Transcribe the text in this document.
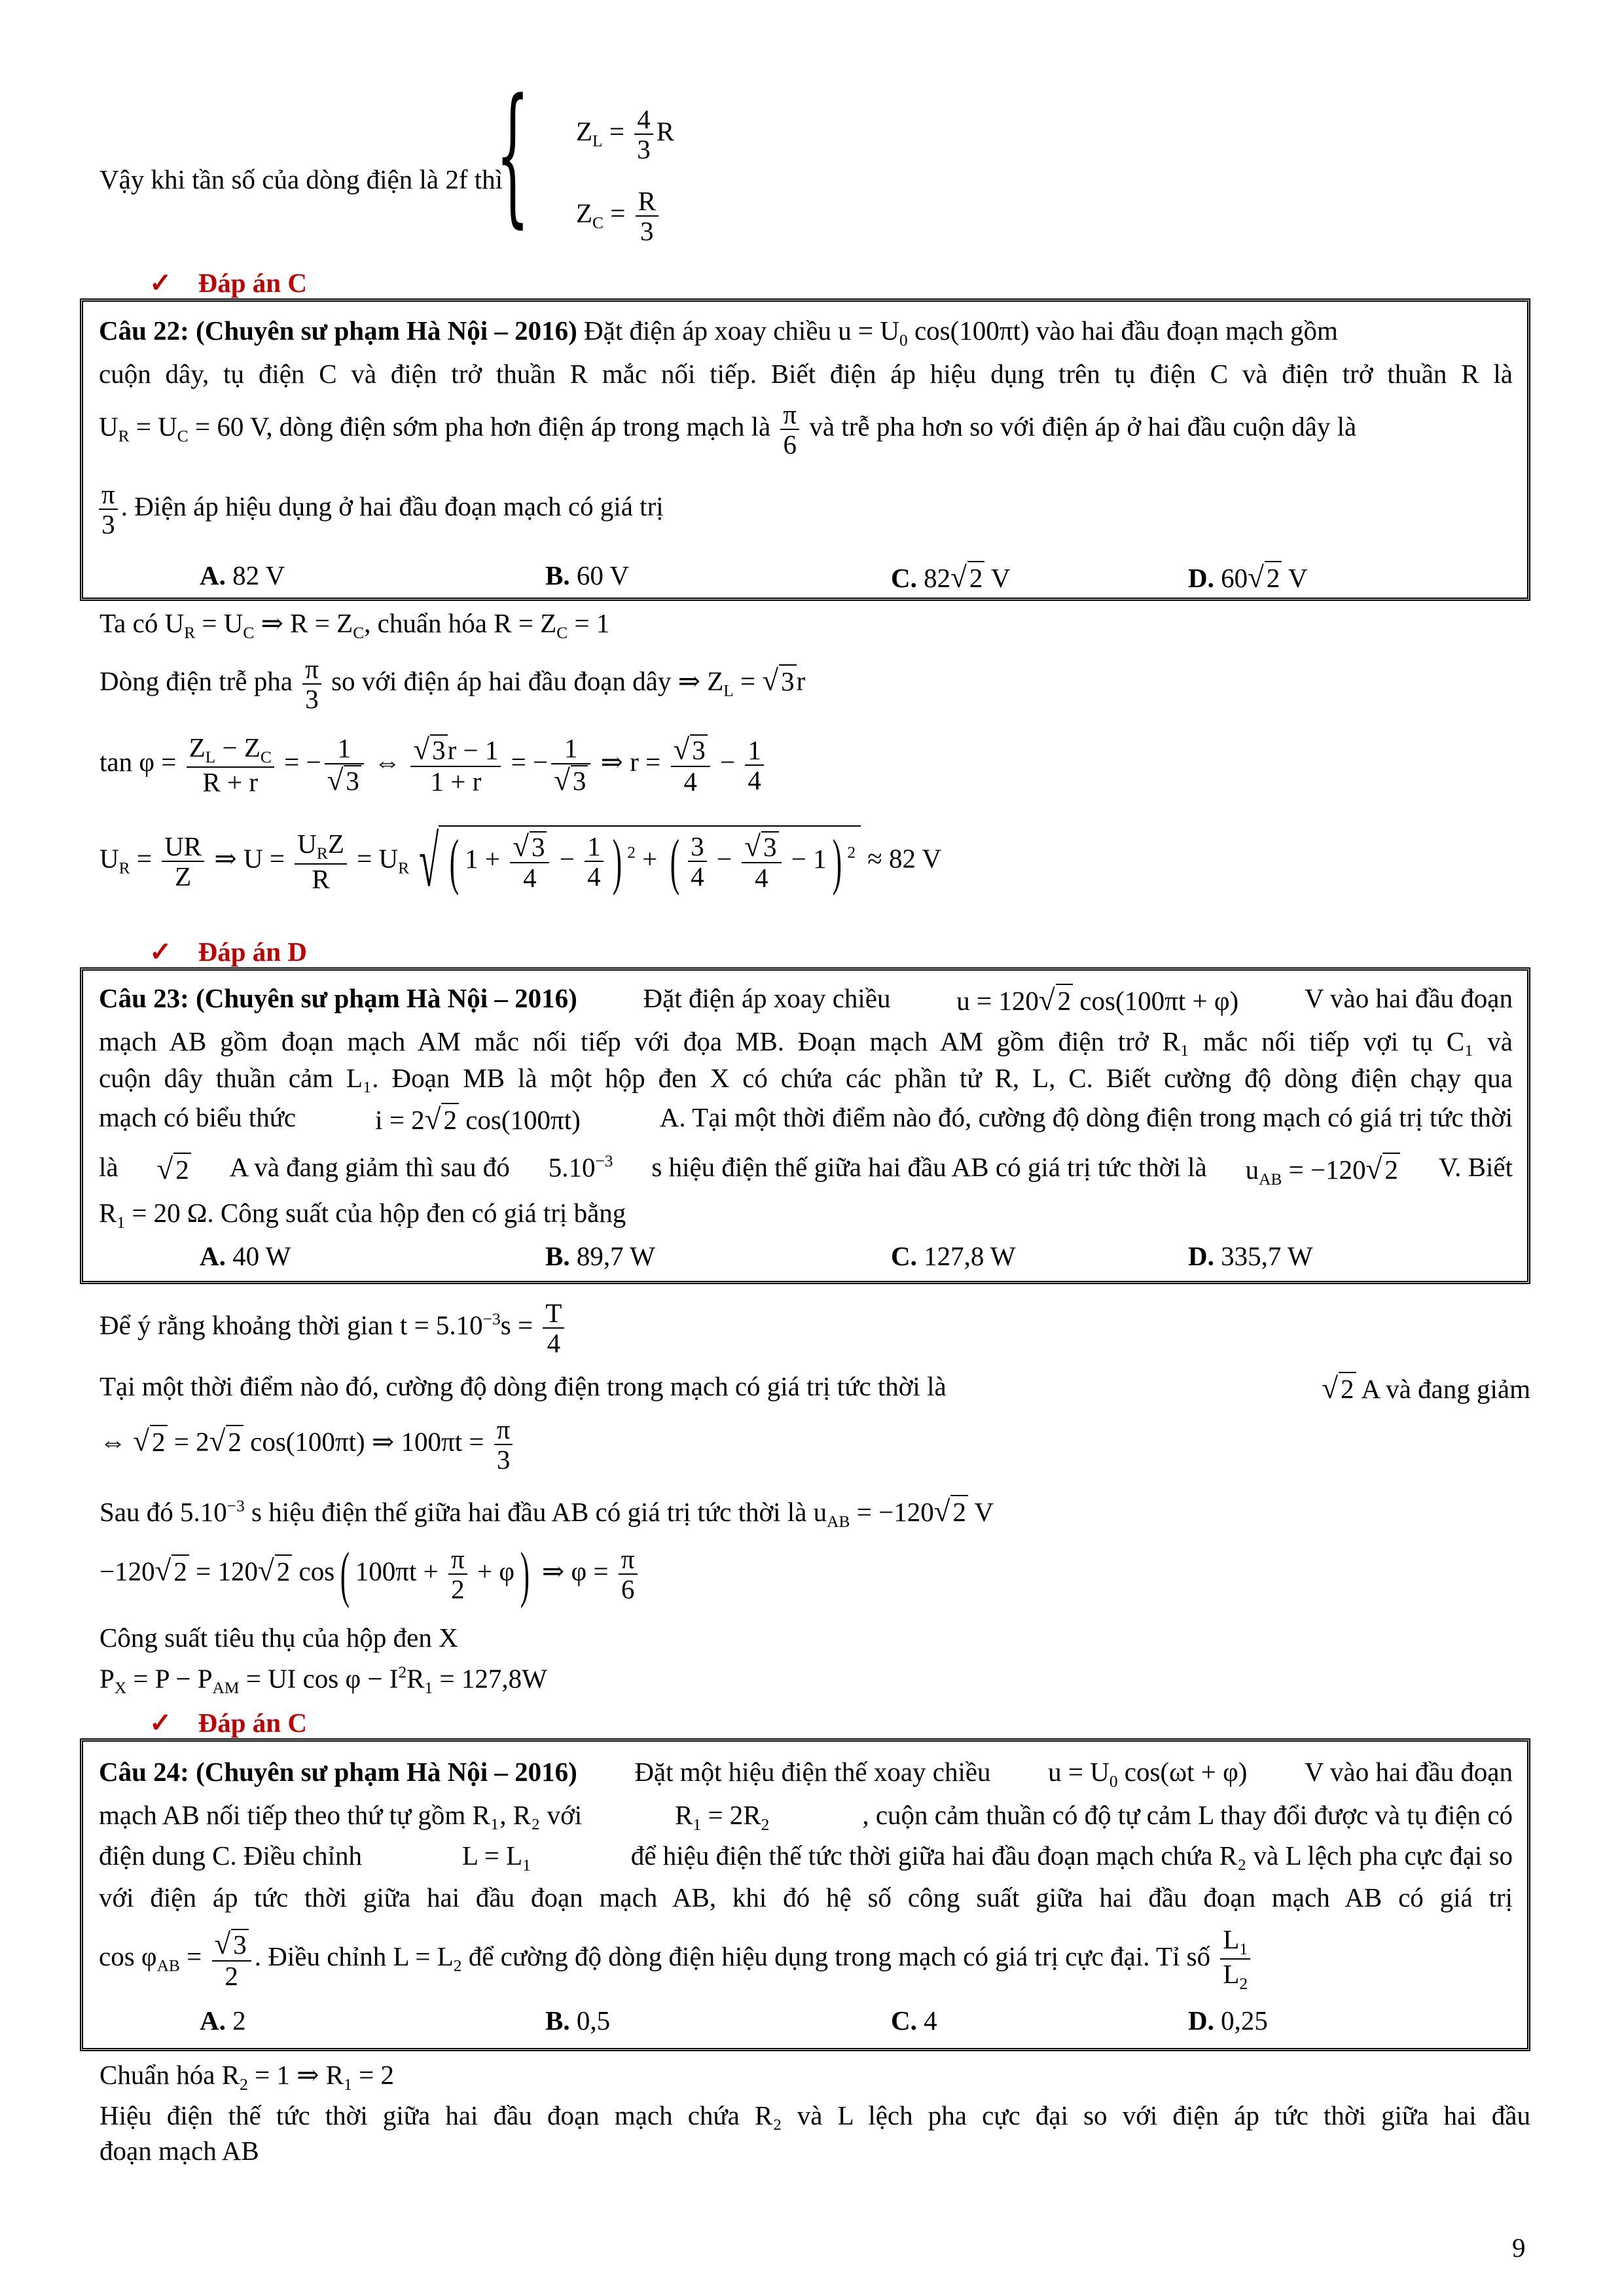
Vậy khi tần số của dòng điện là 2f thì
{ $Z_L = \frac{4}{3}$ R
$Z_C = \frac{R}{3}$
✓ Đáp án C
Câu 22: (Chuyên sư phạm Hà Nội – 2016) Đặt điện áp xoay chiều $u = U_0$ cos(100πt) vào hai đầu đoạn mạch gồm
cuộn dây, tụ điện C và điện trở thuần R mắc nối tiếp. Biết điện áp hiệu dụng trên tụ điện C và điện trở thuần R là
$U_R = U_C = 60$ V, dòng điện sớm pha hơn điện áp trong mạch là $\frac{\pi}{6}$ và trễ pha hơn so với điện áp ở hai đầu cuộn dây là
$\frac{\pi}{3}$ . Điện áp hiệu dụng ở hai đầu đoạn mạch có giá trị
A. 82 V	B. 60 V	C. 82√2 V	D. 60√2 V
Ta có $U_R = U_C$ ⇒ $R = Z_C$, chuẩn hóa $R = Z_C = 1$
Dòng điện trễ pha $\frac{\pi}{3}$ so với điện áp hai đầu đoạn dây ⇒ $Z_L = √3r$
$\tan \varphi = \frac{Z_L - Z_C}{R + r}$ = − $\frac{1}{√3}$ ⇔ $\frac{√3r - 1}{1 + r}$ = − $\frac{1}{√3}$ ⇒ $r = \frac{√3}{4} - \frac{1}{4}$
$U_R = \frac{UR}{Z}$ ⇒ $U = \frac{U_RZ}{R} = U_R$ √ ( $1 + \frac{√3}{4} - \frac{1}{4}$ ) $^2$ + ( $\frac{3}{4} - \frac{√3}{4} - 1$) $^2$ ≈ 82 V
✓ Đáp án D
Câu 23: (Chuyên sư phạm Hà Nội – 2016) Đặt điện áp xoay chiều u = 120√2 cos(100πt + φ) V vào hai đầu đoạn
mạch AB gồm đoạn mạch AM mắc nối tiếp với đọa MB. Đoạn mạch AM gồm điện trở R₁ mắc nối tiếp vợi tụ C₁ và
cuộn dây thuần cảm L₁. Đoạn MB là một hộp đen X có chứa các phần tử R, L, C. Biết cường độ dòng điện chạy qua
mạch có biểu thức	i = 2√2 cos(100πt)	A. Tại một thời điểm nào đó, cường độ dòng điện trong mạch có giá trị tức thời
là √2 A và đang giảm thì sau đó $5.10^{-3}$ s hiệu điện thế giữa hai đầu AB có giá trị tức thời là $u_{AB} = -120√2$ V. Biết
$R_1 = 20$ Ω. Công suất của hộp đen có giá trị bằng
A. 40 W	B. 89,7 W	C. 127,8 W	D. 335,7 W
Để ý rằng khoảng thời gian $t = 5.10^{-3}s = \frac{T}{4}$
Tại một thời điểm nào đó, cường độ dòng điện trong mạch có giá trị tức thời là	√2 A và đang giảm
⇔ √2 = 2√2 cos(100πt) ⇒ $100\pi t = \frac{\pi}{3}$
Sau đó $5.10^{-3}$ s hiệu điện thế giữa hai đầu AB có giá trị tức thời là $u_{AB} = -120√2$ V
−120√2 = 120√2 cos( $100\pi t + \frac{\pi}{2} + \varphi$) ⇒ $\varphi = \frac{\pi}{6}$
Công suất tiêu thụ của hộp đen X
$P_X = P - P_{AM}$ = UI $\cos \varphi - I^2R_1 = 127,8W$
✓ Đáp án C
Câu 24: (Chuyên sư phạm Hà Nội – 2016) Đặt một hiệu điện thế xoay chiều $u = U_0$ cos(ωt + φ) V vào hai đầu đoạn
mạch AB nối tiếp theo thứ tự gồm R₁, R₂ với	$R_1 = 2R_2$	, cuộn cảm thuần có độ tự cảm L thay đổi được và tụ điện có
điện dung C. Điều chỉnh	$L = L_1$	để hiệu điện thế tức thời giữa hai đầu đoạn mạch chứa R₂ và L lệch pha cực đại so
với điện áp tức thời giữa hai đầu đoạn mạch AB, khi đó hệ số công suất giữa hai đầu đoạn mạch AB có giá trị
$\cos \varphi_{AB} = \frac{√3}{2}$ . Điều chỉnh $L = L_2$ để cường độ dòng điện hiệu dụng trong mạch có giá trị cực đại. Tỉ số $\frac{L_1}{L_2}$
A. 2	B. 0,5	C. 4	D. 0,25
Chuẩn hóa $R_2 = 1$ ⇒ $R_1 = 2$
Hiệu điện thế tức thời giữa hai đầu đoạn mạch chứa R₂ và L lệch pha cực đại so với điện áp tức thời giữa hai đầu
đoạn mạch AB
9
